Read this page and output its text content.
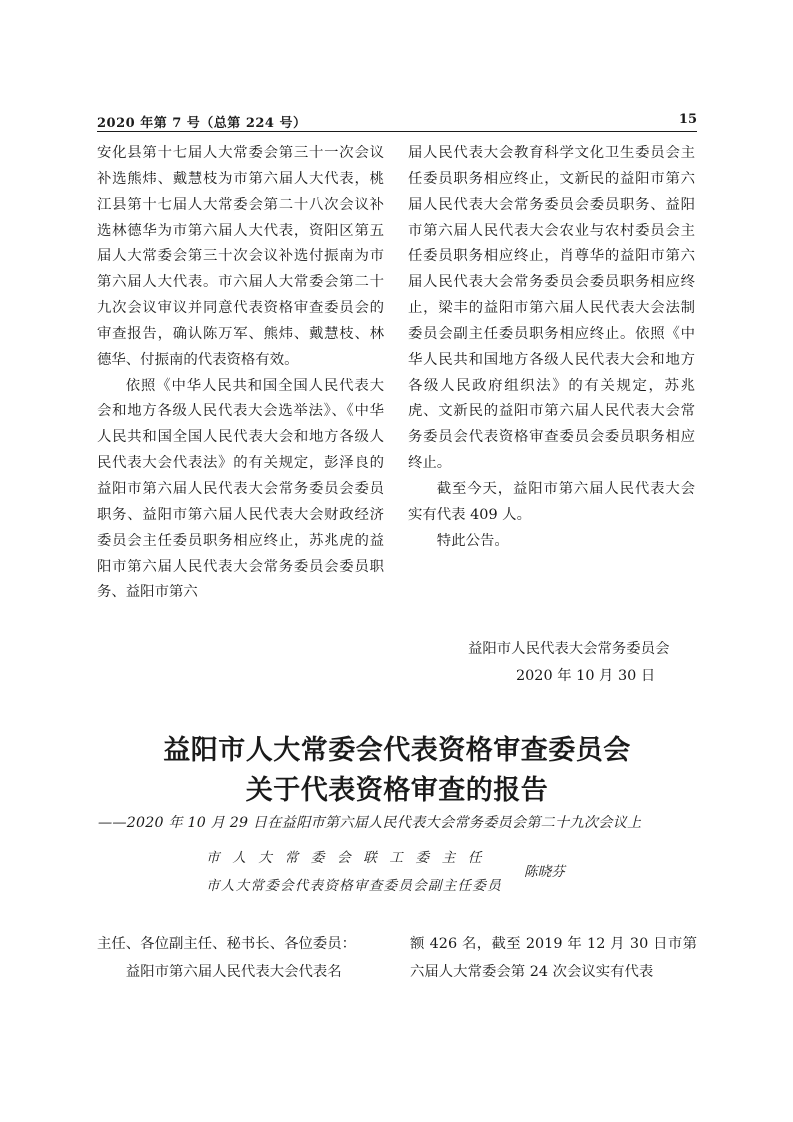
2020 年第 7 号（总第 224 号）	15

安化县第十七届人大常委会第三十一次会议补选熊炜、戴慧枝为市第六届人大代表，桃江县第十七届人大常委会第二十八次会议补选林德华为市第六届人大代表，资阳区第五届人大常委会第三十次会议补选付振南为市第六届人大代表。市六届人大常委会第二十九次会议审议并同意代表资格审查委员会的审查报告，确认陈万军、熊炜、戴慧枝、林德华、付振南的代表资格有效。

依照《中华人民共和国全国人民代表大会和地方各级人民代表大会选举法》、《中华人民共和国全国人民代表大会和地方各级人民代表大会代表法》的有关规定，彭泽良的益阳市第六届人民代表大会常务委员会委员职务、益阳市第六届人民代表大会财政经济委员会主任委员职务相应终止，苏兆虎的益阳市第六届人民代表大会常务委员会委员职务、益阳市第六

届人民代表大会教育科学文化卫生委员会主任委员职务相应终止，文新民的益阳市第六届人民代表大会常务委员会委员职务、益阳市第六届人民代表大会农业与农村委员会主任委员职务相应终止，肖尊华的益阳市第六届人民代表大会常务委员会委员职务相应终止，梁丰的益阳市第六届人民代表大会法制委员会副主任委员职务相应终止。依照《中华人民共和国地方各级人民代表大会和地方各级人民政府组织法》的有关规定，苏兆虎、文新民的益阳市第六届人民代表大会常务委员会代表资格审查委员会委员职务相应终止。

截至今天，益阳市第六届人民代表大会实有代表 409 人。

特此公告。

益阳市人民代表大会常务委员会
2020 年 10 月 30 日
益阳市人大常委会代表资格审查委员会
关于代表资格审查的报告
——2020 年 10 月 29 日在益阳市第六届人民代表大会常务委员会第二十九次会议上
市人大常委会联工委主任
市人大常委会代表资格审查委员会副主任委员
陈晓芬

主任、各位副主任、秘书长、各位委员：

益阳市第六届人民代表大会代表名

额 426 名，截至 2019 年 12 月 30 日市第六届人大常委会第 24 次会议实有代表
